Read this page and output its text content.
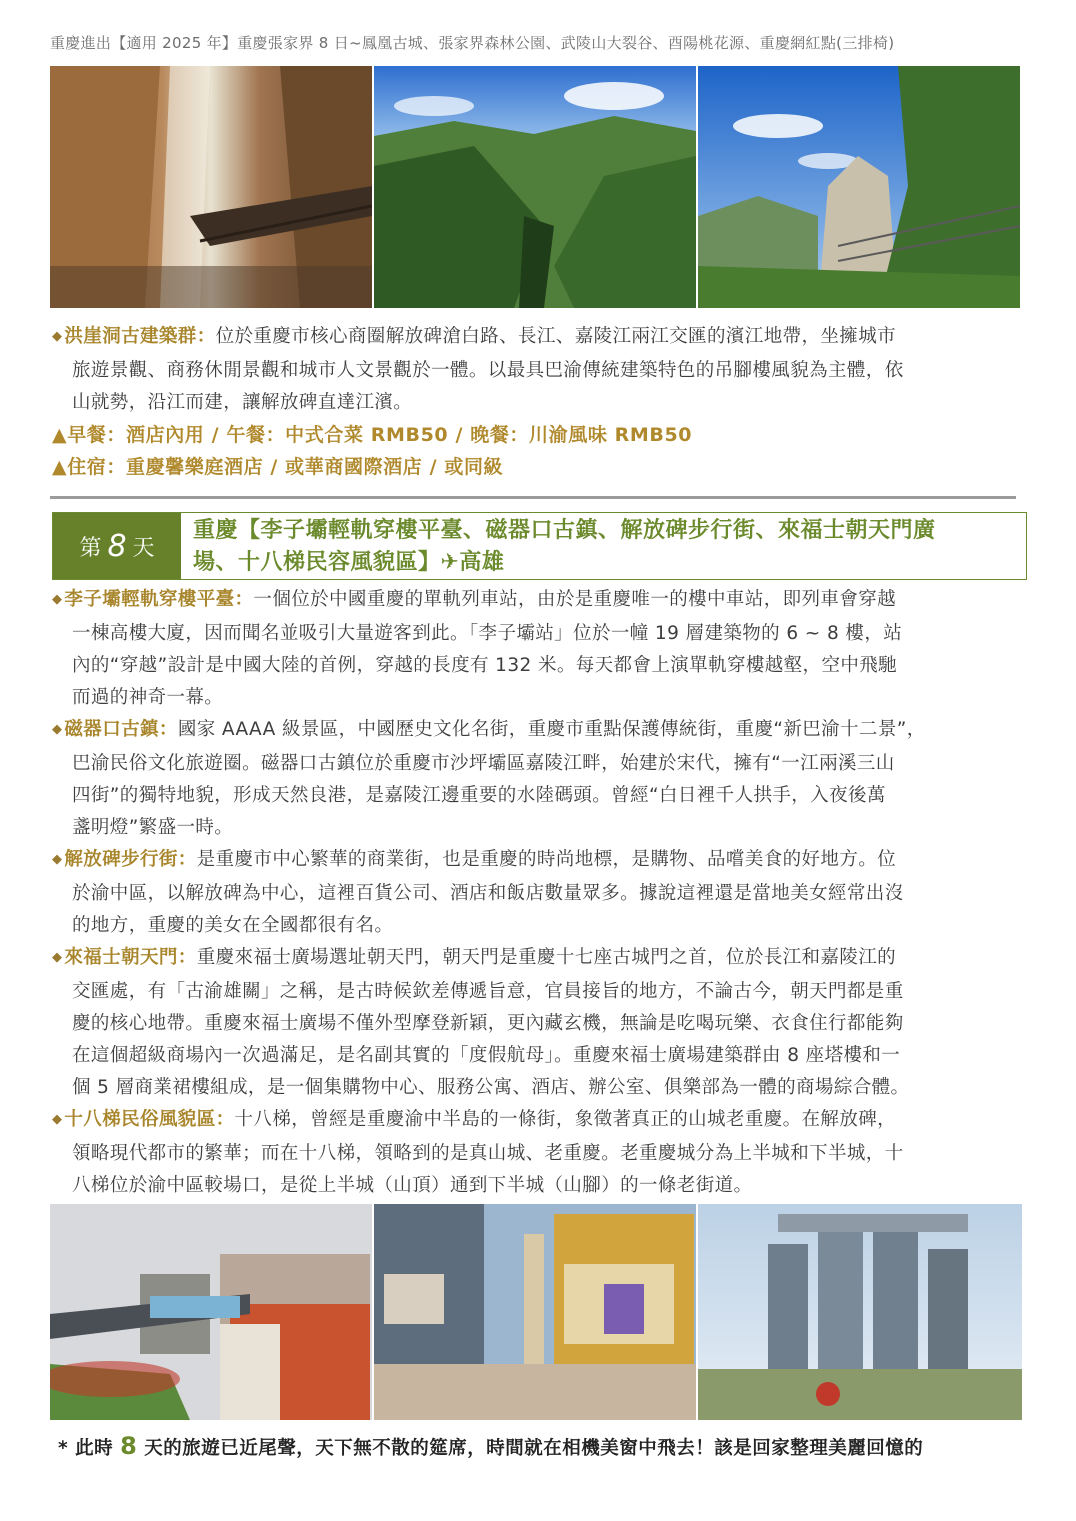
重慶進出【適用 2025 年】重慶張家界 8 日~鳳凰古城、張家界森林公園、武陵山大裂谷、酉陽桃花源、重慶網紅點(三排椅)

◆ 洪崖洞古建築群：位於重慶市核心商圈解放碑滄白路、長江、嘉陵江兩江交匯的濱江地帶，坐擁城市
旅遊景觀、商務休閒景觀和城市人文景觀於一體。以最具巴渝傳統建築特色的吊腳樓風貌為主體，依
山就勢，沿江而建，讓解放碑直達江濱。

▲早餐：酒店內用 / 午餐：中式合菜 RMB50 / 晚餐：川渝風味 RMB50

▲住宿：重慶馨樂庭酒店 / 或華商國際酒店 / 或同級

第 8 天
重慶【李子壩輕軌穿樓平臺、磁器口古鎮、解放碑步行街、來福士朝天門廣
場、十八梯民容風貌區】✈高雄

◆ 李子壩輕軌穿樓平臺：一個位於中國重慶的單軌列車站，由於是重慶唯一的樓中車站，即列車會穿越
一棟高樓大廈，因而聞名並吸引大量遊客到此。「李子壩站」位於一幢 19 層建築物的 6 ~ 8 樓，站
內的“穿越”設計是中國大陸的首例，穿越的長度有 132 米。每天都會上演單軌穿樓越壑，空中飛馳
而過的神奇一幕。

◆ 磁器口古鎮：國家 AAAA 級景區，中國歷史文化名街，重慶市重點保護傳統街，重慶“新巴渝十二景”，
巴渝民俗文化旅遊圈。磁器口古鎮位於重慶市沙坪壩區嘉陵江畔，始建於宋代，擁有“一江兩溪三山
四街”的獨特地貌，形成天然良港，是嘉陵江邊重要的水陸碼頭。曾經“白日裡千人拱手，入夜後萬
盞明燈”繁盛一時。

◆ 解放碑步行街：是重慶市中心繁華的商業街，也是重慶的時尚地標，是購物、品嚐美食的好地方。位
於渝中區，以解放碑為中心，這裡百貨公司、酒店和飯店數量眾多。據說這裡還是當地美女經常出沒
的地方，重慶的美女在全國都很有名。

◆ 來福士朝天門：重慶來福士廣場選址朝天門，朝天門是重慶十七座古城門之首，位於長江和嘉陵江的
交匯處，有「古渝雄關」之稱，是古時候欽差傳遞旨意，官員接旨的地方，不論古今，朝天門都是重
慶的核心地帶。重慶來福士廣場不僅外型摩登新穎，更內藏玄機，無論是吃喝玩樂、衣食住行都能夠
在這個超級商場內一次過滿足，是名副其實的「度假航母」。重慶來福士廣場建築群由 8 座塔樓和一
個 5 層商業裙樓組成，是一個集購物中心、服務公寓、酒店、辦公室、俱樂部為一體的商場綜合體。

◆ 十八梯民俗風貌區：十八梯，曾經是重慶渝中半島的一條街，象徵著真正的山城老重慶。在解放碑，
領略現代都市的繁華；而在十八梯，領略到的是真山城、老重慶。老重慶城分為上半城和下半城，十
八梯位於渝中區較場口，是從上半城（山頂）通到下半城（山腳）的一條老街道。

* 此時 8 天的旅遊已近尾聲，天下無不散的筵席，時間就在相機美窗中飛去！該是回家整理美麗回憶的
